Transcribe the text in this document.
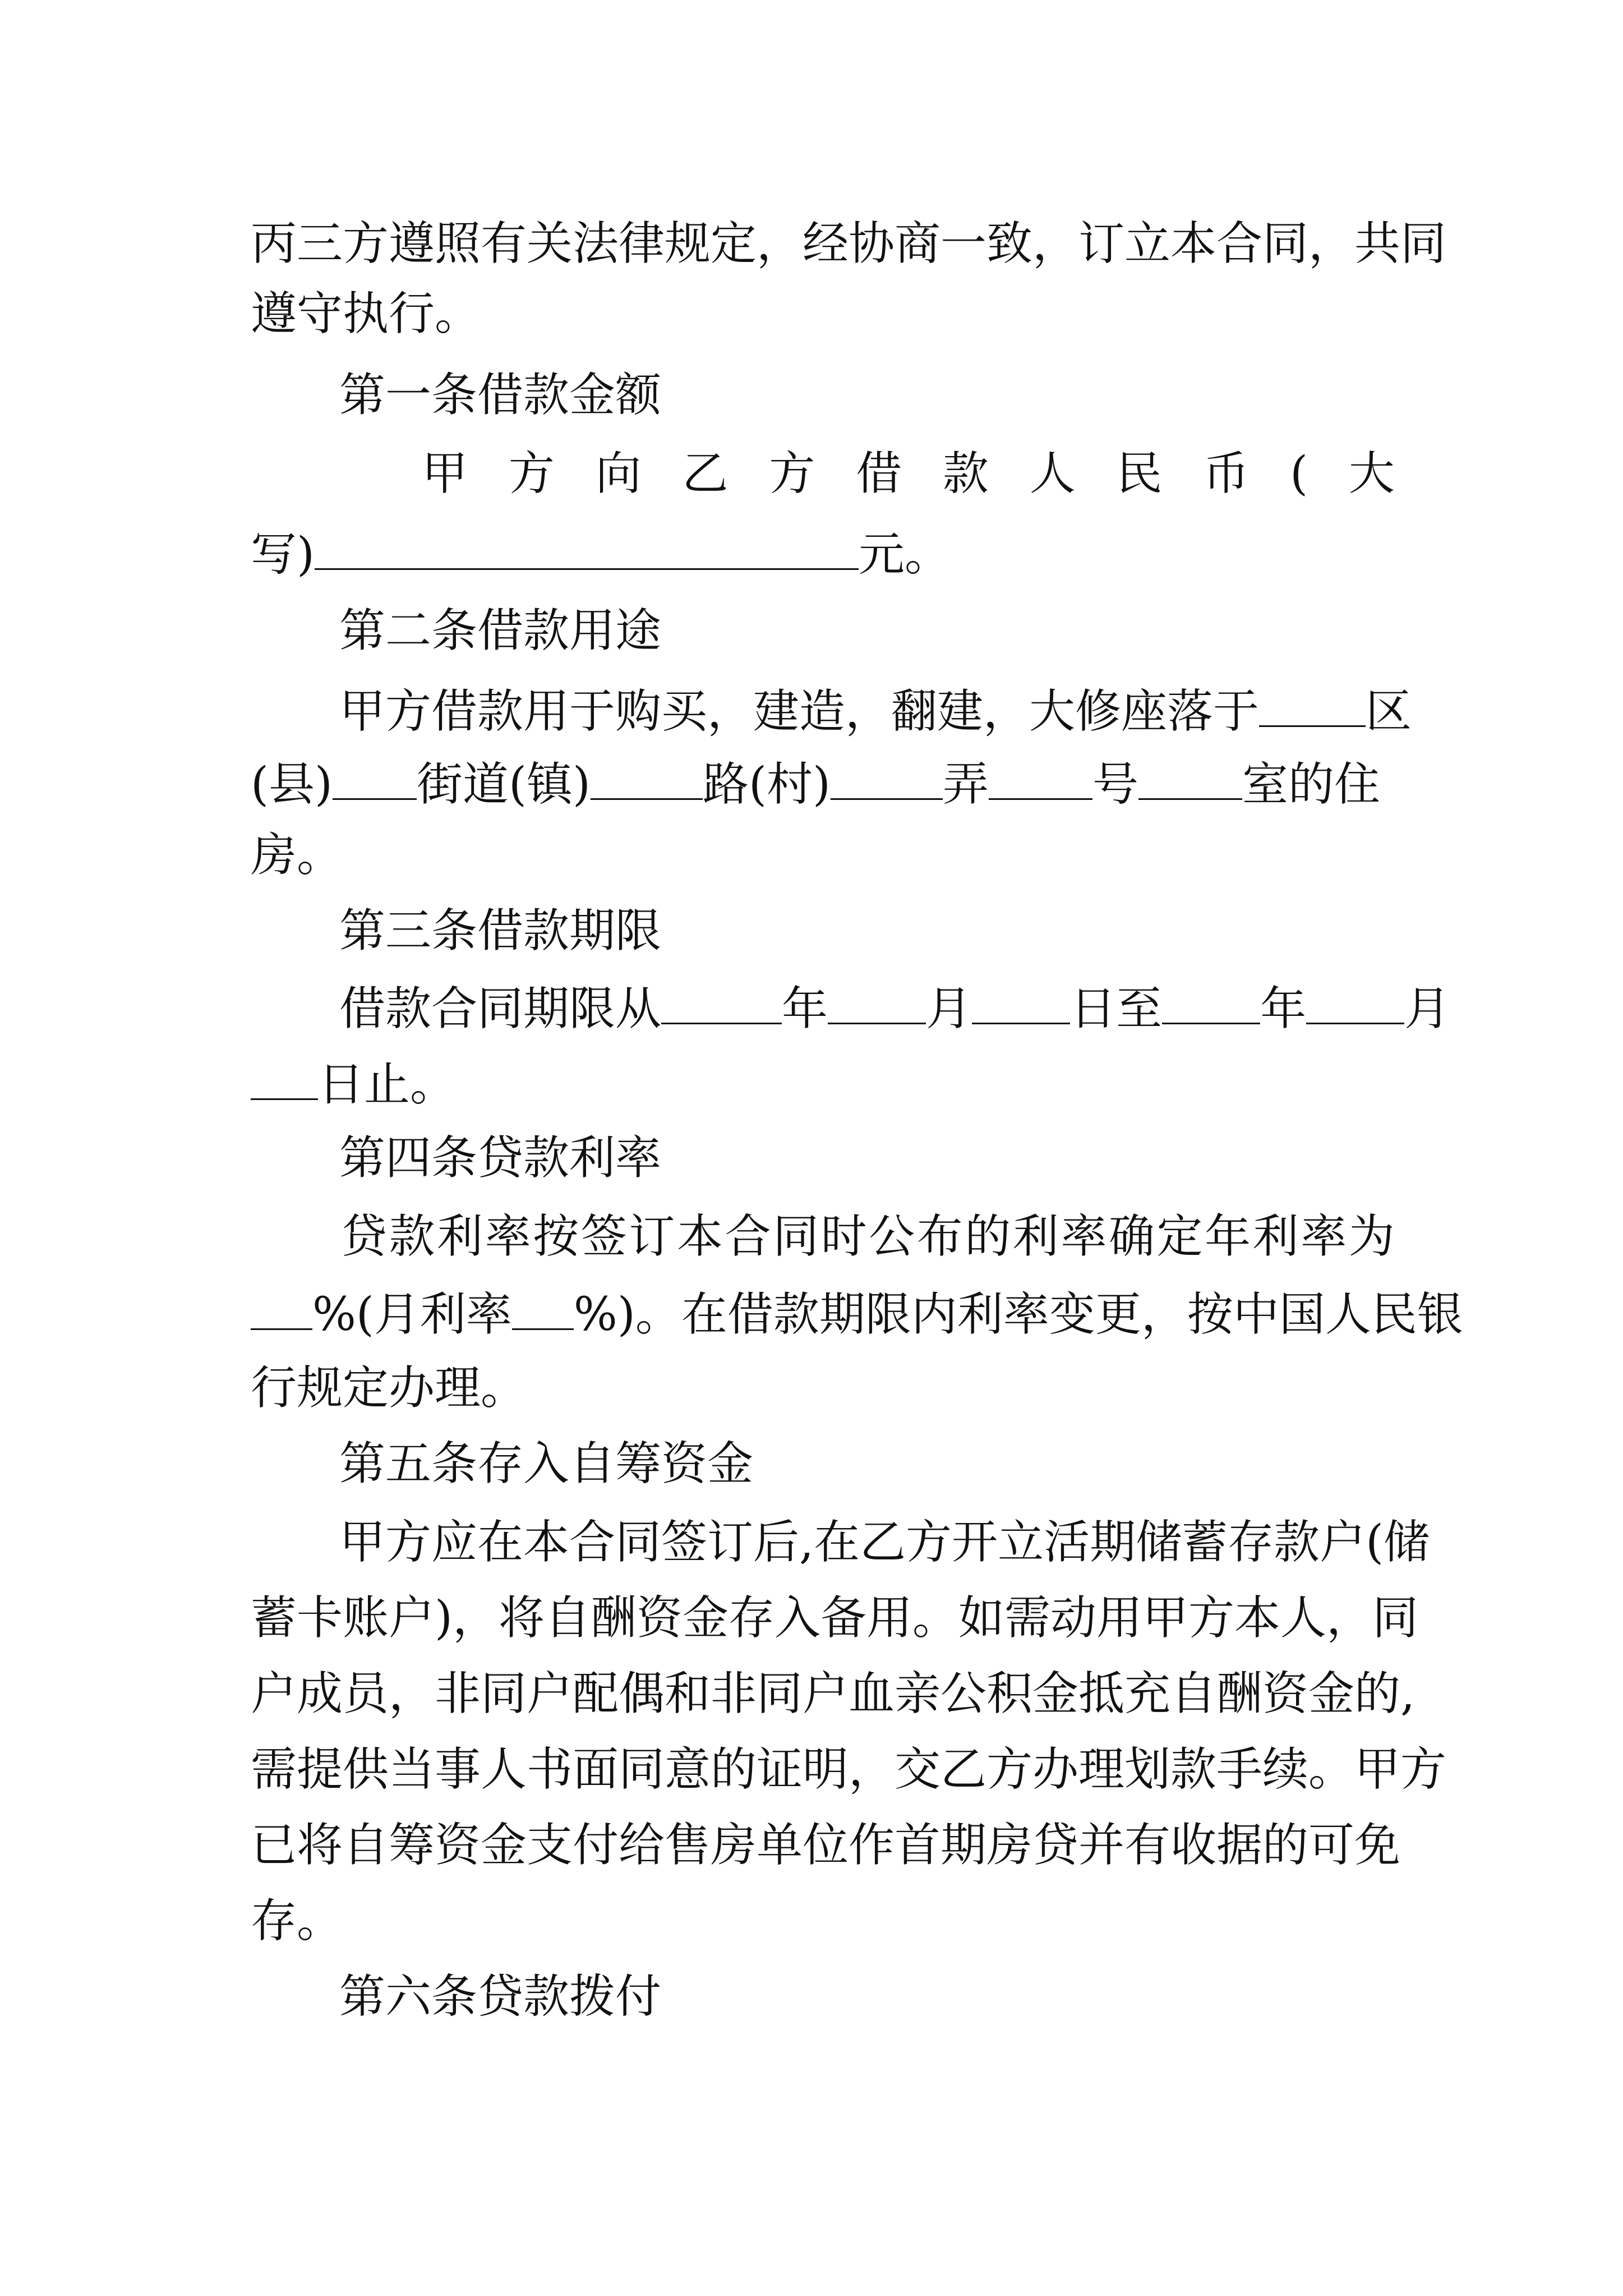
丙三方遵照有关法律规定，经协商一致，订立本合同，共同
遵守执行。
第一条借款金额
甲 方 向 乙 方 借 款 人 民 币 ( 大
写)	元。
第二条借款用途
甲方借款用于购买，建造，翻建，大修座落于 区
(县) 街道(镇) 路(村) 弄 号 室的住
房。
第三条借款期限
借款合同期限从	年 月 日至 年 月
日止。
第四条贷款利率
贷 款 利 率 按 签 订 本 合 同 时 公 布 的 利 率 确 定 年 利 率 为
%(月利率 %)。在借款期限内利率变更，按中国人民银
行规定办理。
第五条存入自筹资金
甲方应在本合同签订后,在乙方开立活期储蓄存款户(储
蓄卡账户)，将自酬资金存入备用。如需动用甲方本人，同
户成员，非同户配偶和非同户血亲公积金抵充自酬资金的,
需提供当事人书面同意的证明，交乙方办理划款手续。甲方
已将自筹资金支付给售房单位作首期房贷并有收据的可免
存。
第六条贷款拨付
